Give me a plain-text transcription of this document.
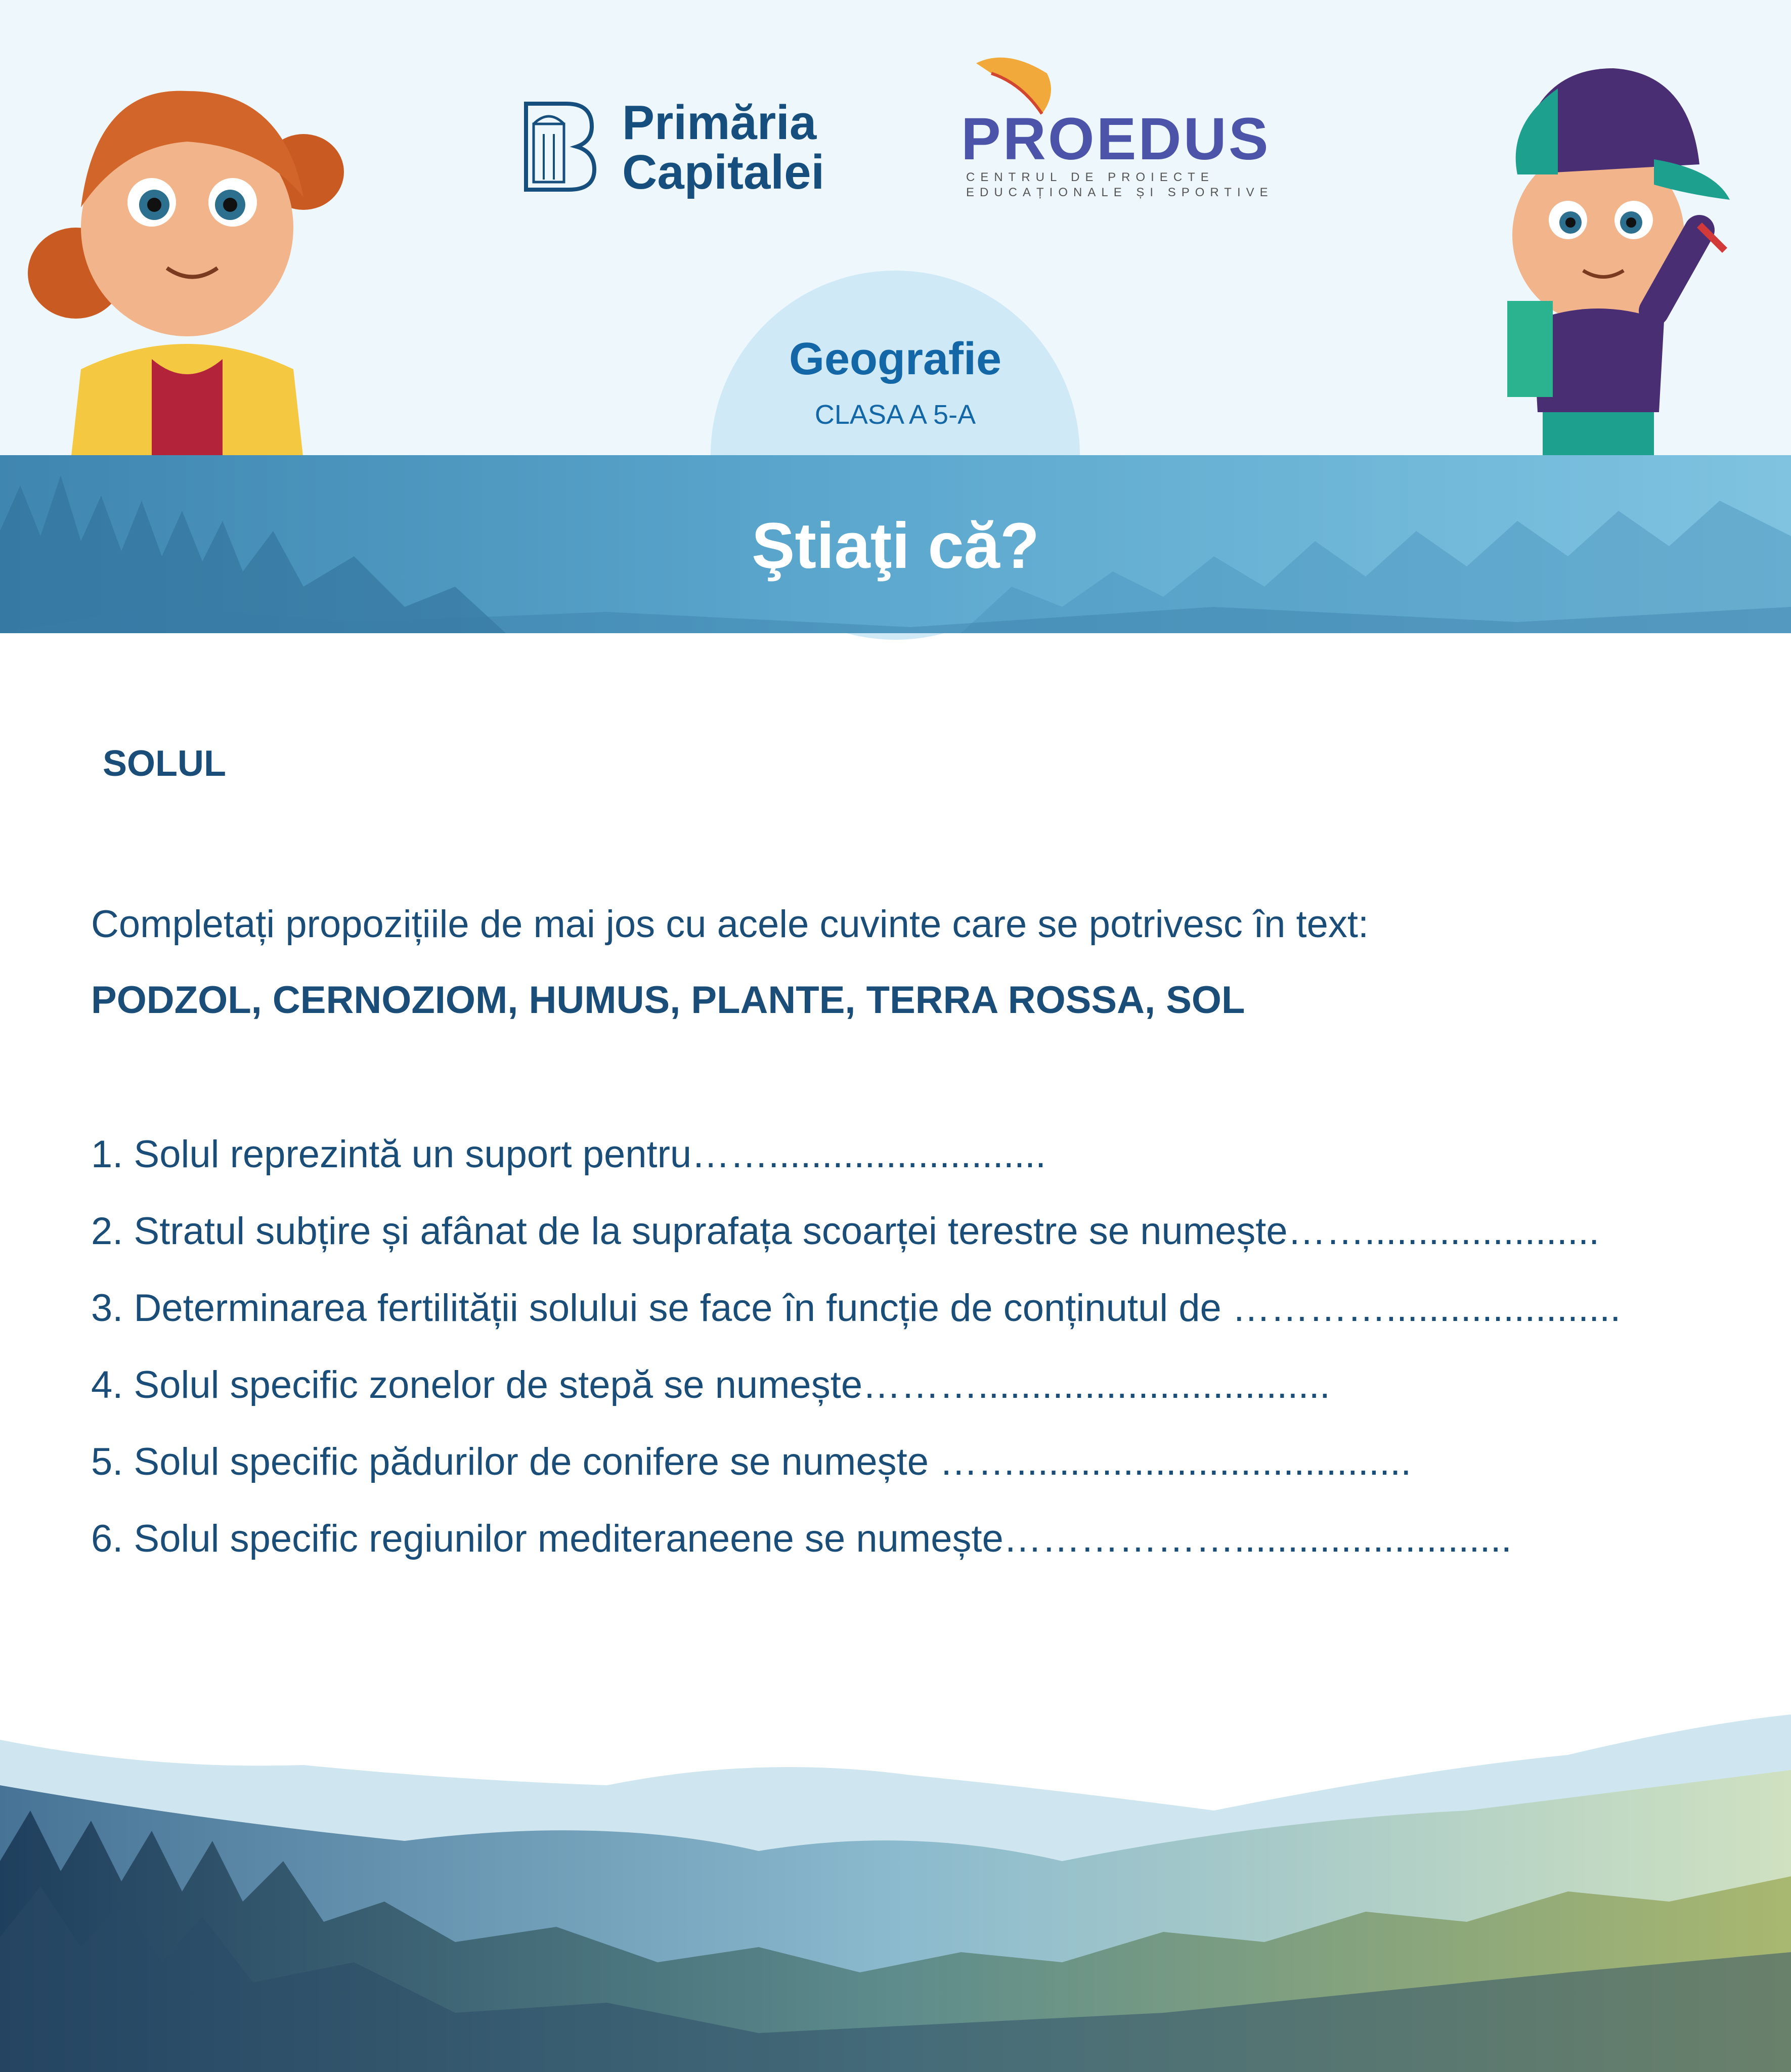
Primăria
Capitalei PROEDUS
CENTRUL DE PROIECTE
EDUCAȚIONALE ȘI SPORTIVE
Geografie
CLASA A 5-A
Ştiaţi că?
SOLUL
Completați propozițiile de mai jos cu acele cuvinte care se potrivesc în text:
PODZOL, CERNOZIOM, HUMUS, PLANTE, TERRA ROSSA, SOL
1. Solul reprezintă un suport pentru……..........................
2. Stratul subțire și afânat de la suprafața scoarței terestre se numește……......................
3. Determinarea fertilității solului se face în funcție de conținutul de …………......................
4. Solul specific zonelor de stepă se numește……….................................
5. Solul specific pădurilor de conifere se numește …….....................................
6. Solul specific regiunilor mediteraneene se numește………………..........................
